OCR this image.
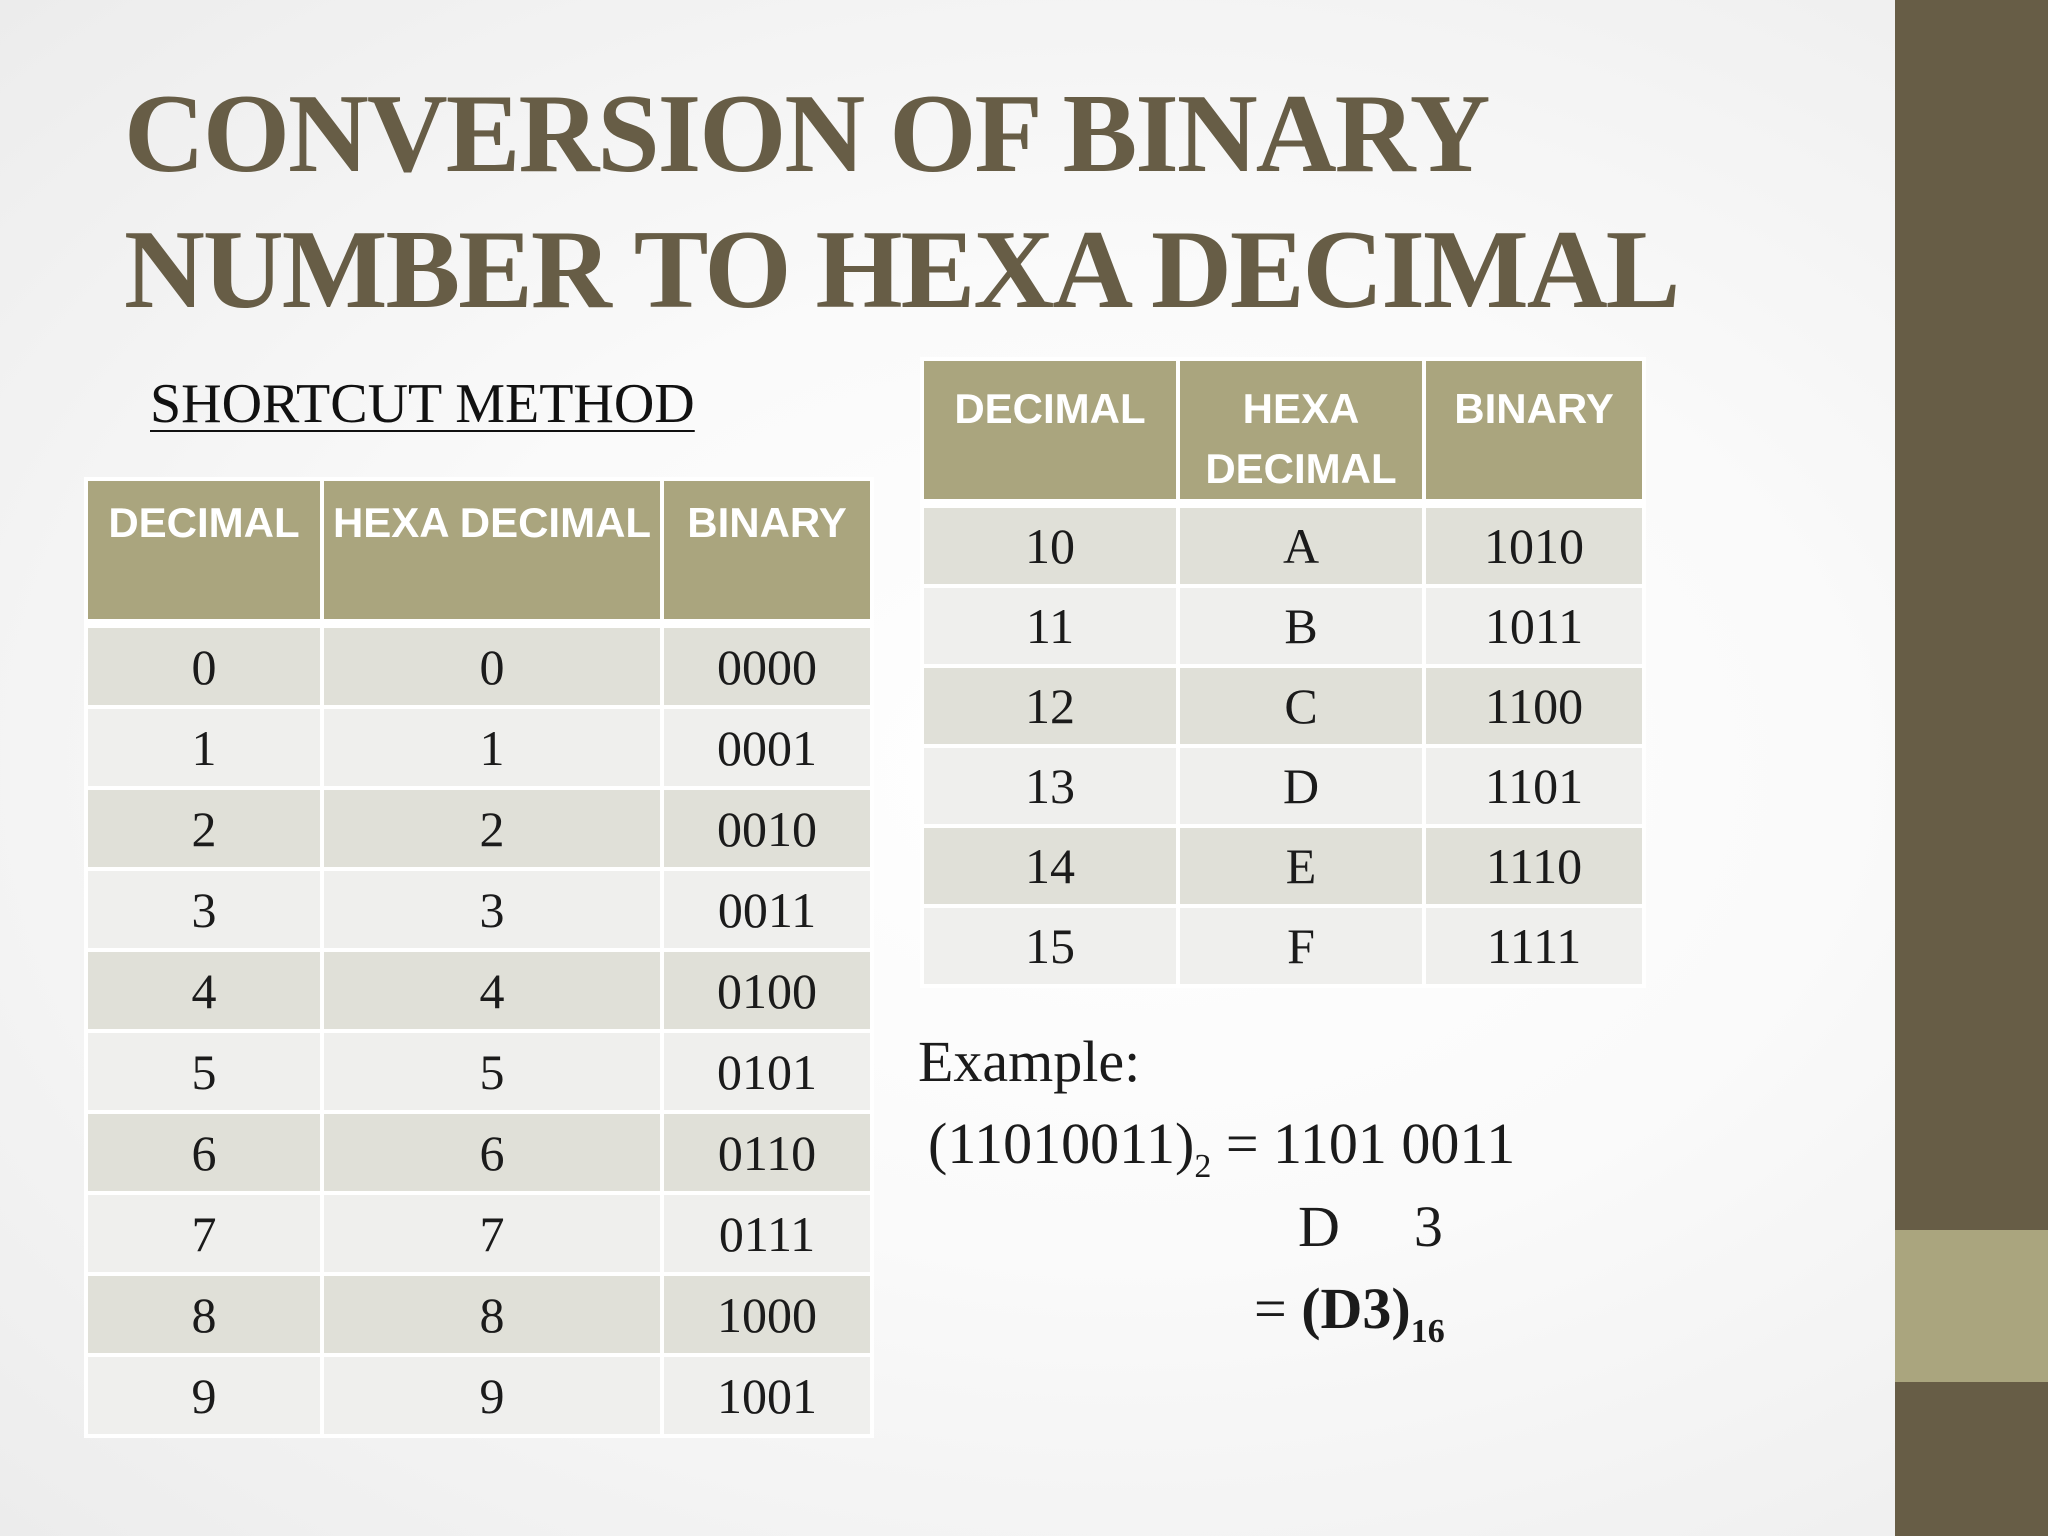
CONVERSION OF BINARY
NUMBER TO HEXA DECIMAL
SHORTCUT METHOD
DECIMAL	HEXA DECIMAL	BINARY
0	0	0000
1	1	0001
2	2	0010
3	3	0011
4	4	0100
5	5	0101
6	6	0110
7	7	0111
8	8	1000
9	9	1001
DECIMAL	HEXA DECIMAL	BINARY
10	A	1010
11	B	1011
12	C	1100
13	D	1101
14	E	1110
15	F	1111
Example:
$(11010011)_2 = 1101$ 0011
D 3
= $(D3)_{16}$
